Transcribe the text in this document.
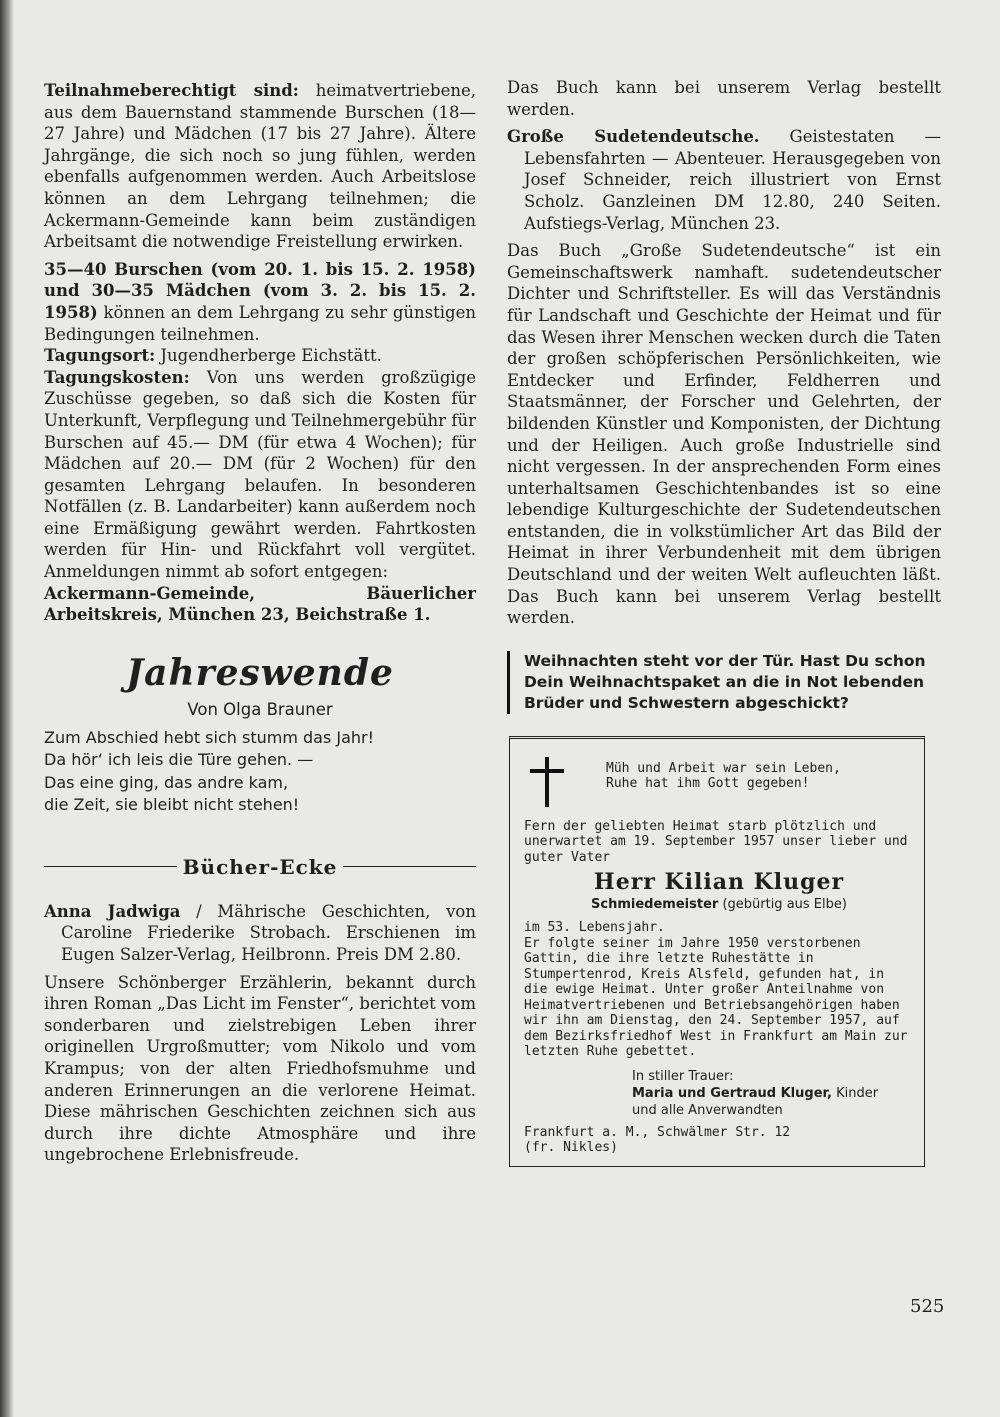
Teilnahmeberechtigt sind: heimatvertriebene, aus dem Bauernstand stammende Burschen (18—27 Jahre) und Mädchen (17 bis 27 Jahre). Ältere Jahrgänge, die sich noch so jung fühlen, werden ebenfalls aufgenommen werden. Auch Arbeitslose können an dem Lehrgang teilnehmen; die Ackermann-Gemeinde kann beim zuständigen Arbeitsamt die notwendige Freistellung erwirken.

35—40 Burschen (vom 20. 1. bis 15. 2. 1958) und 30—35 Mädchen (vom 3. 2. bis 15. 2. 1958) können an dem Lehrgang zu sehr günstigen Bedingungen teilnehmen.

Tagungsort: Jugendherberge Eichstätt.

Tagungskosten: Von uns werden großzügige Zuschüsse gegeben, so daß sich die Kosten für Unterkunft, Verpflegung und Teilnehmergebühr für Burschen auf 45.— DM (für etwa 4 Wochen); für Mädchen auf 20.— DM (für 2 Wochen) für den gesamten Lehrgang belaufen. In besonderen Notfällen (z. B. Landarbeiter) kann außerdem noch eine Ermäßigung gewährt werden. Fahrtkosten werden für Hin- und Rückfahrt voll vergütet. Anmeldungen nimmt ab sofort entgegen:

Ackermann-Gemeinde, Bäuerlicher Arbeitskreis, München 23, Beichstraße 1.

Jahreswende
Von Olga Brauner
Zum Abschied hebt sich stumm das Jahr!
Da hör‘ ich leis die Türe gehen. —
Das eine ging, das andre kam,
die Zeit, sie bleibt nicht stehen!
Bücher-Ecke

Anna Jadwiga / Mährische Geschichten, von Caroline Friederike Strobach. Erschienen im Eugen Salzer-Verlag, Heilbronn. Preis DM 2.80.

Unsere Schönberger Erzählerin, bekannt durch ihren Roman „Das Licht im Fenster“, berichtet vom sonderbaren und zielstrebigen Leben ihrer originellen Urgroßmutter; vom Nikolo und vom Krampus; von der alten Friedhofsmuhme und anderen Erinnerungen an die verlorene Heimat. Diese mährischen Geschichten zeichnen sich aus durch ihre dichte Atmosphäre und ihre ungebrochene Erlebnisfreude.

Das Buch kann bei unserem Verlag bestellt werden.

Große Sudetendeutsche. Geistestaten — Lebensfahrten — Abenteuer. Herausgegeben von Josef Schneider, reich illustriert von Ernst Scholz. Ganzleinen DM 12.80, 240 Seiten. Aufstiegs-Verlag, München 23.

Das Buch „Große Sudetendeutsche“ ist ein Gemeinschaftswerk namhaft. sudetendeutscher Dichter und Schriftsteller. Es will das Verständnis für Landschaft und Geschichte der Heimat und für das Wesen ihrer Menschen wecken durch die Taten der großen schöpferischen Persönlichkeiten, wie Entdecker und Erfinder, Feldherren und Staatsmänner, der Forscher und Gelehrten, der bildenden Künstler und Komponisten, der Dichtung und der Heiligen. Auch große Industrielle sind nicht vergessen. In der ansprechenden Form eines unterhaltsamen Geschichtenbandes ist so eine lebendige Kulturgeschichte der Sudetendeutschen entstanden, die in volkstümlicher Art das Bild der Heimat in ihrer Verbundenheit mit dem übrigen Deutschland und der weiten Welt aufleuchten läßt. Das Buch kann bei unserem Verlag bestellt werden.

Weihnachten steht vor der Tür. Hast Du schon Dein Weihnachtspaket an die in Not lebenden Brüder und Schwestern abgeschickt?

Müh und Arbeit war sein Leben,
Ruhe hat ihm Gott gegeben!
Fern der geliebten Heimat starb plötzlich und unerwartet am 19. September 1957 unser lieber und guter Vater
Herr Kilian Kluger
Schmiedemeister (gebürtig aus Elbe)
im 53. Lebensjahr.
Er folgte seiner im Jahre 1950 verstorbenen Gattin, die ihre letzte Ruhestätte in Stumpertenrod, Kreis Alsfeld, gefunden hat, in die ewige Heimat. Unter großer Anteilnahme von Heimatvertriebenen und Betriebsangehörigen haben wir ihn am Dienstag, den 24. September 1957, auf dem Bezirksfriedhof West in Frankfurt am Main zur letzten Ruhe gebettet.
In stiller Trauer:
Maria und Gertraud Kluger, Kinder
und alle Anverwandten
Frankfurt a. M., Schwälmer Str. 12
(fr. Nikles)
525
